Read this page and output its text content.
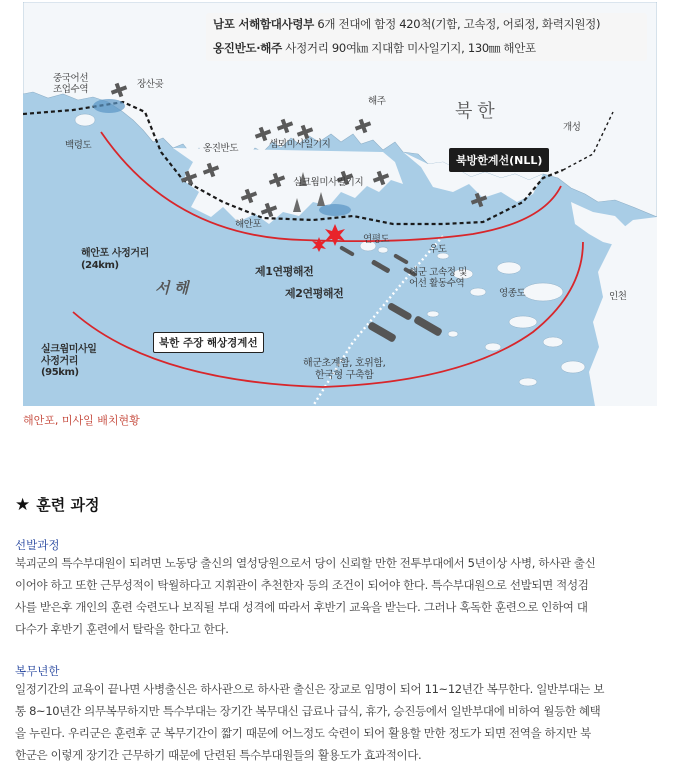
남포 서해함대사령부 6개 전대에 함정 420척(기함, 고속정, 어뢰정, 화력지원정)
옹진반도·해주 사정거리 90여㎞ 지대함 미사일기지, 130㎜ 해안포
중국어선
조업수역	장산곶
백령도	옹진반도
해주
샘뫼미사일기지
실크웜미사일기지
해안포
북 한
개성
북방한계선(NLL)
연평도
우도
제1연평해전
제2연평해전
해군 고속정 및
어선 활동수역
서 해
해안포 사정거리
(24km)
실크웜미사일
사정거리
(95km)
북한 주장 해상경계선
영종도	인천
해군초계함, 호위함,
한국형 구축함
해안포, 미사일 배치현황
★ 훈련 과정
선발과정
북괴군의 특수부대원이 되려면 노동당 출신의 열성당원으로서 당이 신뢰할 만한 전투부대에서 5년이상 사병, 하사관 출신
이어야 하고 또한 근무성적이 탁월하다고 지휘관이 추천한자 등의 조건이 되어야 한다. 특수부대원으로 선발되면 적성검
사를 받은후 개인의 훈련 숙련도나 보직될 부대 성격에 따라서 후반기 교육을 받는다. 그러나 혹독한 훈련으로 인하여 대
다수가 후반기 훈련에서 탈락을 한다고 한다.
복무년한
일정기간의 교육이 끝나면 사병출신은 하사관으로 하사관 출신은 장교로 임명이 되어 11~12년간 복무한다. 일반부대는 보
통 8~10년간 의무복무하지만 특수부대는 장기간 복무대신 급료나 급식, 휴가, 승진등에서 일반부대에 비하여 월등한 혜택
을 누린다. 우리군은 훈련후 군 복무기간이 짧기 때문에 어느정도 숙련이 되어 활용할 만한 정도가 되면 전역을 하지만 북
한군은 이렇게 장기간 근무하기 때문에 단련된 특수부대원들의 활용도가 효과적이다.
